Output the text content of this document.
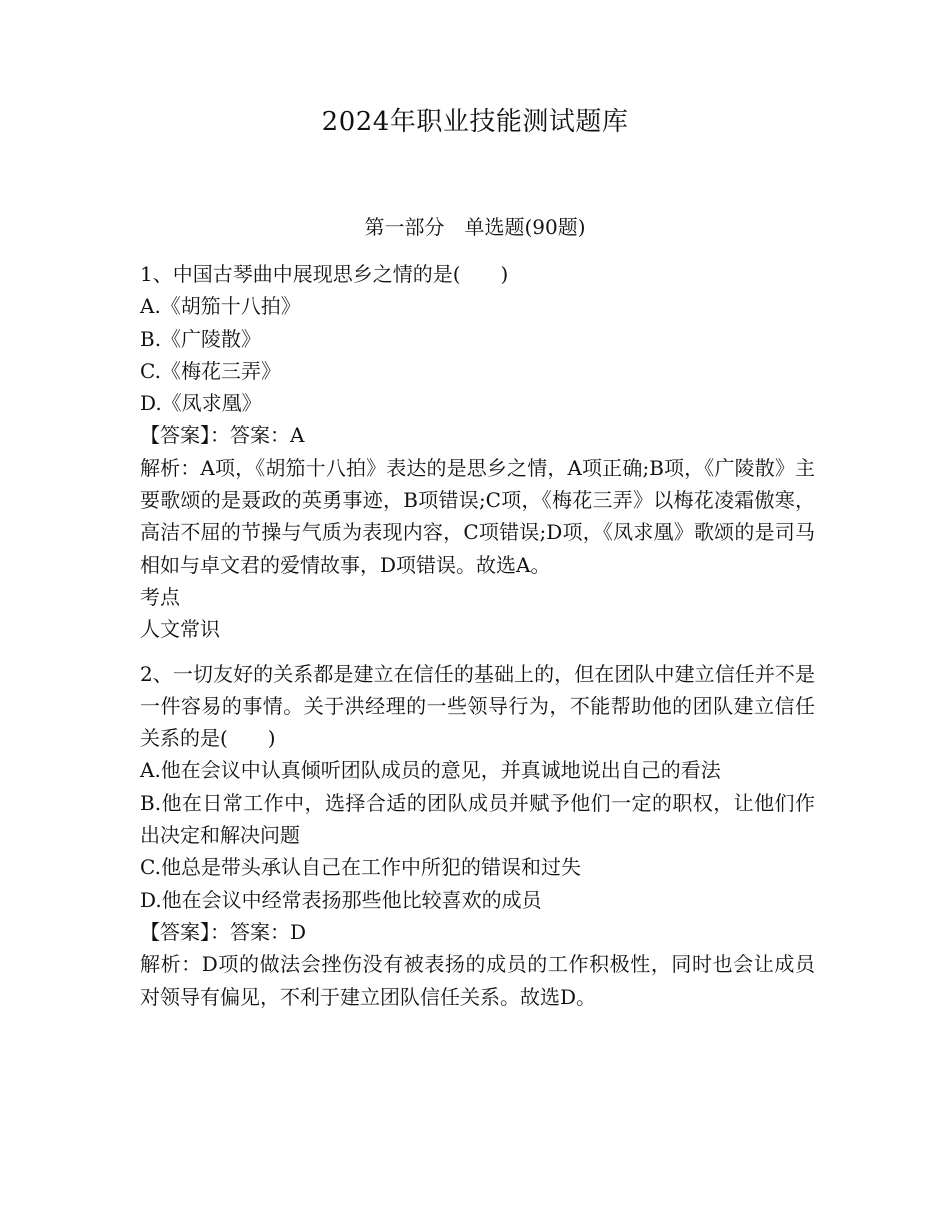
2024年职业技能测试题库
第一部分　单选题(90题)
1、中国古琴曲中展现思乡之情的是(　　)
A.《胡笳十八拍》
B.《广陵散》
C.《梅花三弄》
D.《凤求凰》
【答案】：答案：A
解析：A项，《胡笳十八拍》表达的是思乡之情，A项正确;B项，《广陵散》主要歌颂的是聂政的英勇事迹，B项错误;C项，《梅花三弄》以梅花凌霜傲寒，高洁不屈的节操与气质为表现内容，C项错误;D项，《凤求凰》歌颂的是司马相如与卓文君的爱情故事，D项错误。故选A。
考点
人文常识
2、一切友好的关系都是建立在信任的基础上的，但在团队中建立信任并不是一件容易的事情。关于洪经理的一些领导行为，不能帮助他的团队建立信任关系的是(　　)
A.他在会议中认真倾听团队成员的意见，并真诚地说出自己的看法
B.他在日常工作中，选择合适的团队成员并赋予他们一定的职权，让他们作出决定和解决问题
C.他总是带头承认自己在工作中所犯的错误和过失
D.他在会议中经常表扬那些他比较喜欢的成员
【答案】：答案：D
解析：D项的做法会挫伤没有被表扬的成员的工作积极性，同时也会让成员对领导有偏见，不利于建立团队信任关系。故选D。
